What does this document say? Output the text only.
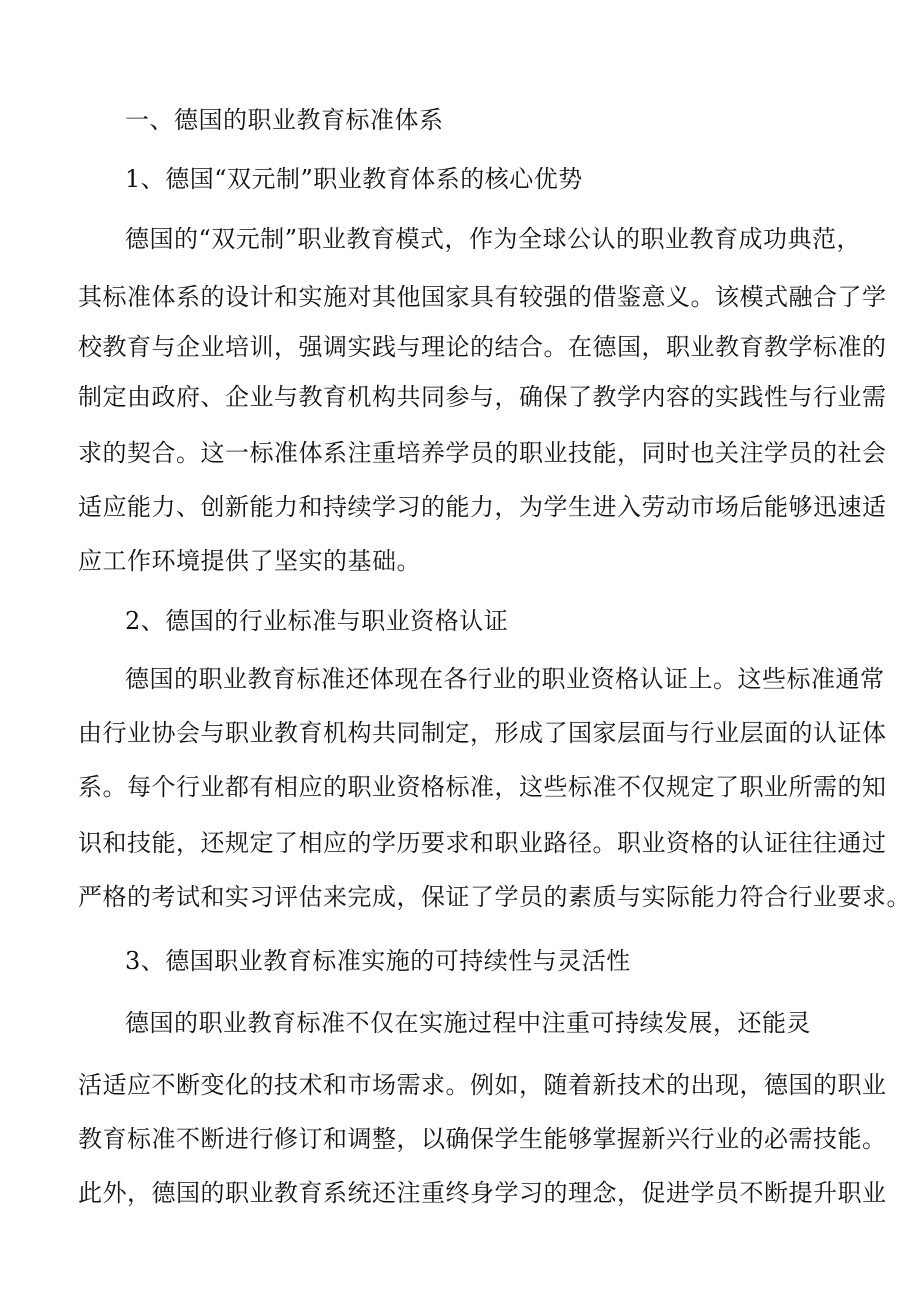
一、德国的职业教育标准体系
1、德国“双元制”职业教育体系的核心优势
德国的“双元制”职业教育模式，作为全球公认的职业教育成功典范，
其标准体系的设计和实施对其他国家具有较强的借鉴意义。该模式融合了学
校教育与企业培训，强调实践与理论的结合。在德国，职业教育教学标准的
制定由政府、企业与教育机构共同参与，确保了教学内容的实践性与行业需
求的契合。这一标准体系注重培养学员的职业技能，同时也关注学员的社会
适应能力、创新能力和持续学习的能力，为学生进入劳动市场后能够迅速适
应工作环境提供了坚实的基础。
2、德国的行业标准与职业资格认证
德国的职业教育标准还体现在各行业的职业资格认证上。这些标准通常
由行业协会与职业教育机构共同制定，形成了国家层面与行业层面的认证体
系。每个行业都有相应的职业资格标准，这些标准不仅规定了职业所需的知
识和技能，还规定了相应的学历要求和职业路径。职业资格的认证往往通过
严格的考试和实习评估来完成，保证了学员的素质与实际能力符合行业要求。
3、德国职业教育标准实施的可持续性与灵活性
德国的职业教育标准不仅在实施过程中注重可持续发展，还能灵
活适应不断变化的技术和市场需求。例如，随着新技术的出现，德国的职业
教育标准不断进行修订和调整，以确保学生能够掌握新兴行业的必需技能。
此外，德国的职业教育系统还注重终身学习的理念，促进学员不断提升职业
